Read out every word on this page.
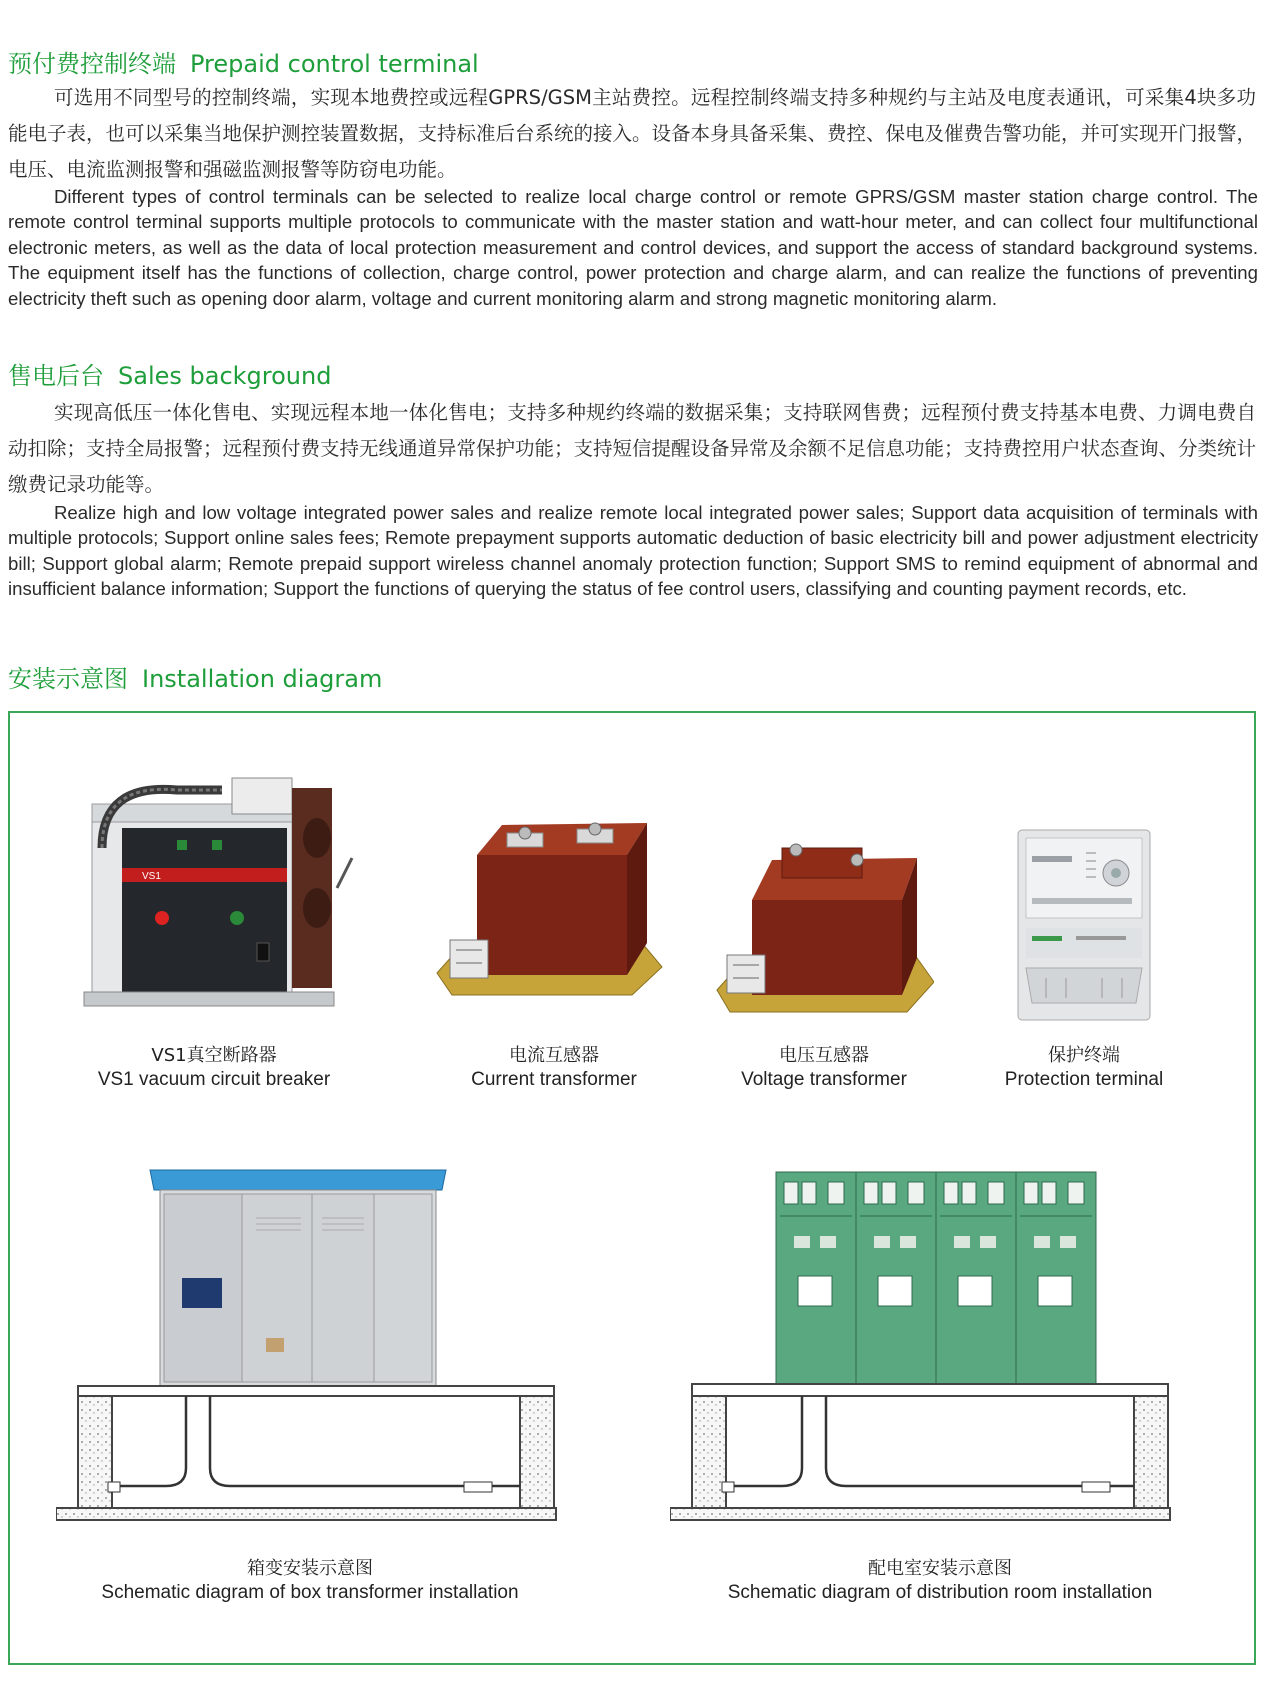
预付费控制终端 Prepaid control terminal

可选用不同型号的控制终端，实现本地费控或远程GPRS/GSM主站费控。远程控制终端支持多种规约与主站及电度表通讯，可采集4块多功能电子表，也可以采集当地保护测控装置数据，支持标准后台系统的接入。设备本身具备采集、费控、保电及催费告警功能，并可实现开门报警，电压、电流监测报警和强磁监测报警等防窃电功能。

Different types of control terminals can be selected to realize local charge control or remote GPRS/GSM master station charge control. The remote control terminal supports multiple protocols to communicate with the master station and watt-hour meter, and can collect four multifunctional electronic meters, as well as the data of local protection measurement and control devices, and support the access of standard background systems. The equipment itself has the functions of collection, charge control, power protection and charge alarm, and can realize the functions of preventing electricity theft such as opening door alarm, voltage and current monitoring alarm and strong magnetic monitoring alarm.

售电后台 Sales background

实现高低压一体化售电、实现远程本地一体化售电；支持多种规约终端的数据采集；支持联网售费；远程预付费支持基本电费、力调电费自动扣除；支持全局报警；远程预付费支持无线通道异常保护功能；支持短信提醒设备异常及余额不足信息功能；支持费控用户状态查询、分类统计缴费记录功能等。

Realize high and low voltage integrated power sales and realize remote local integrated power sales; Support data acquisition of terminals with multiple protocols; Support online sales fees; Remote prepayment supports automatic deduction of basic electricity bill and power adjustment electricity bill; Support global alarm; Remote prepaid support wireless channel anomaly protection function; Support SMS to remind equipment of abnormal and insufficient balance information; Support the functions of querying the status of fee control users, classifying and counting payment records, etc.

安装示意图 Installation diagram
VS1
VS1真空断路器
VS1 vacuum circuit breaker
电流互感器
Current transformer
电压互感器
Voltage transformer
保护终端
Protection terminal
箱变安装示意图
Schematic diagram of box transformer installation
配电室安装示意图
Schematic diagram of distribution room installation
